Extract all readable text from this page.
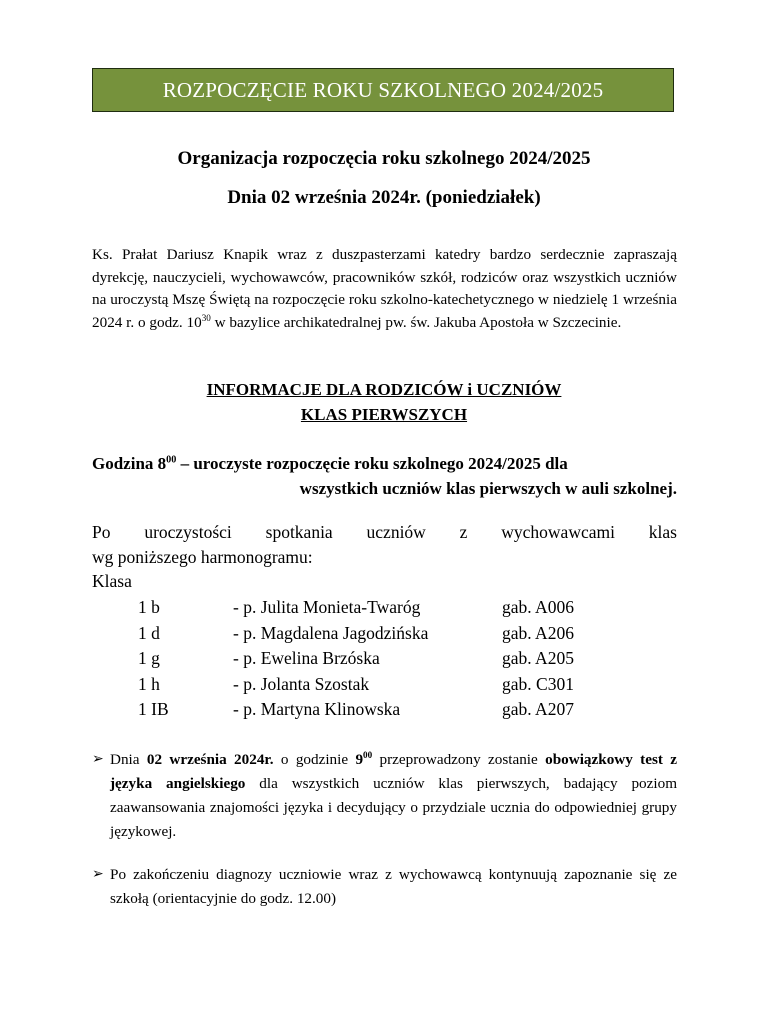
ROZPOCZĘCIE ROKU SZKOLNEGO 2024/2025
Organizacja rozpoczęcia roku szkolnego 2024/2025
Dnia 02 września 2024r. (poniedziałek)
Ks. Prałat Dariusz Knapik wraz z duszpasterzami katedry bardzo serdecznie zapraszają dyrekcję, nauczycieli, wychowawców, pracowników szkół, rodziców oraz wszystkich uczniów na uroczystą Mszę Świętą na rozpoczęcie roku szkolno-katechetycznego w niedzielę 1 września 2024 r. o godz. $10^{30}$ w bazylice archikatedralnej pw. św. Jakuba Apostoła w Szczecinie.
INFORMACJE DLA RODZICÓW i UCZNIÓW
KLAS PIERWSZYCH
Godzina $8^{00}$ – uroczyste rozpoczęcie roku szkolnego 2024/2025 dla
wszystkich uczniów klas pierwszych w auli szkolnej.
Po uroczystości spotkania uczniów z wychowawcami klas
wg poniższego harmonogramu:
Klasa
1 b	- p. Julita Monieta-Twaróg	gab. A006
1 d	- p. Magdalena Jagodzińska	gab. A206
1 g	- p. Ewelina Brzóska	gab. A205
1 h	- p. Jolanta Szostak	gab. C301
1 IB	- p. Martyna Klinowska	gab. A207
➢ Dnia 02 września 2024r. o godzinie $9^{00}$ przeprowadzony zostanie obowiązkowy test z języka angielskiego dla wszystkich uczniów klas pierwszych, badający poziom zaawansowania znajomości języka i decydujący o przydziale ucznia do odpowiedniej grupy językowej.
➢ Po zakończeniu diagnozy uczniowie wraz z wychowawcą kontynuują zapoznanie się ze szkołą (orientacyjnie do godz. 12.00)
